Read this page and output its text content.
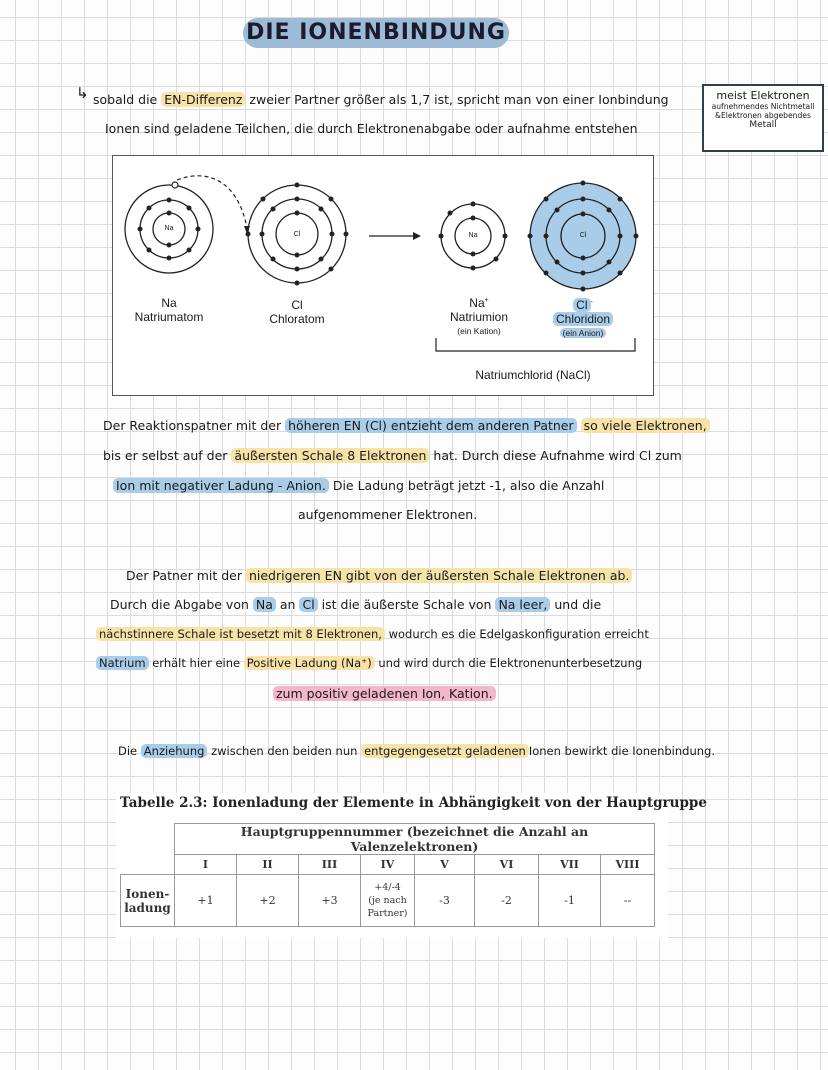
DIE IONENBINDUNG
↳ sobald die EN-Differenz zweier Partner größer als 1,7 ist, spricht man von einer Ionbindung
Ionen sind geladene Teilchen, die durch Elektronenabgabe oder aufnahme entstehen
meist Elektronen
aufnehmendes Nichtmetall
&Elektronen abgebendes
Metall
Na
Cl	Na	Cl
Na
Natriumatom
Cl
Chloratom
Na+
Natriumion
(ein Kation)
Cl -
Chloridion
(ein Anion)
Natriumchlorid (NaCl)
Der Reaktionspatner mit der höheren EN (Cl) entzieht dem anderen Patner so viele Elektronen,
bis er selbst auf der äußersten Schale 8 Elektronen hat. Durch diese Aufnahme wird Cl zum
Ion mit negativer Ladung - Anion. Die Ladung beträgt jetzt -1, also die Anzahl
aufgenommener Elektronen.
Der Patner mit der niedrigeren EN gibt von der äußersten Schale Elektronen ab.
Durch die Abgabe von Na an Cl ist die äußerste Schale von Na leer, und die
nächstinnere Schale ist besetzt mit 8 Elektronen, wodurch es die Edelgaskonfiguration erreicht
Natrium erhält hier eine Positive Ladung (Na⁺) und wird durch die Elektronenunterbesetzung
zum positiv geladenen Ion, Kation.
Die Anziehung zwischen den beiden nun entgegengesetzt geladenen Ionen bewirkt die Ionenbindung.
Tabelle 2.3: Ionenladung der Elemente in Abhängigkeit von der Hauptgruppe
	Hauptgruppennummer (bezeichnet die Anzahl an Valenzelektronen)							
	I	II	III	IV	V	VI	VII	VIII
Ionen-
ladung	+1	+2	+3	+4/-4
(je nach
Partner)	-3	-2	-1	--
